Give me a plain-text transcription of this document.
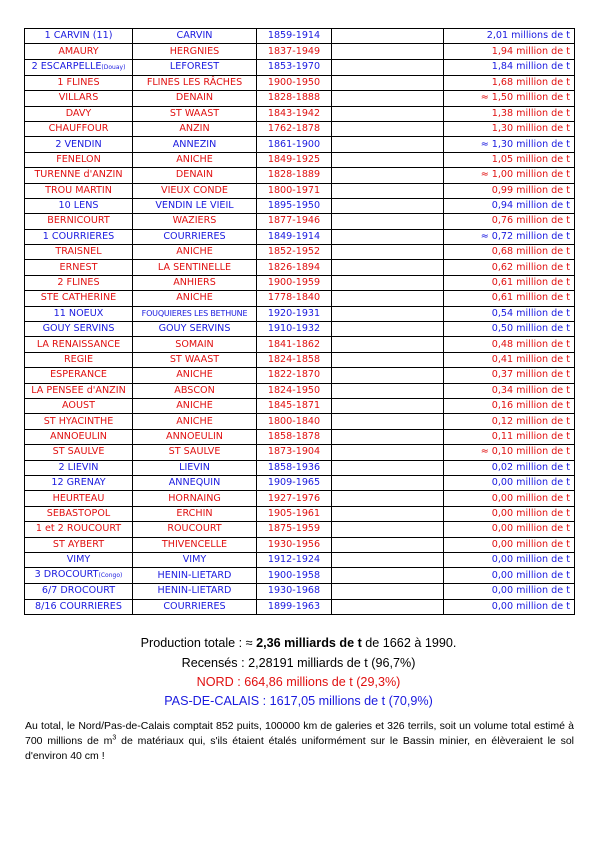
1 CARVIN (11)	CARVIN	1859-1914		2,01 millions de t
AMAURY	HERGNIES	1837-1949		1,94 million de t
2 ESCARPELLE(Douay)	LEFOREST	1853-1970		1,84 million de t
1 FLINES	FLINES LES RÂCHES	1900-1950		1,68 million de t
VILLARS	DENAIN	1828-1888		≈ 1,50 million de t
DAVY	ST WAAST	1843-1942		1,38 million de t
CHAUFFOUR	ANZIN	1762-1878		1,30 million de t
2 VENDIN	ANNEZIN	1861-1900		≈ 1,30 million de t
FENELON	ANICHE	1849-1925		1,05 million de t
TURENNE d'ANZIN	DENAIN	1828-1889		≈ 1,00 million de t
TROU MARTIN	VIEUX CONDE	1800-1971		0,99 million de t
10 LENS	VENDIN LE VIEIL	1895-1950		0,94 million de t
BERNICOURT	WAZIERS	1877-1946		0,76 million de t
1 COURRIERES	COURRIERES	1849-1914		≈ 0,72 million de t
TRAISNEL	ANICHE	1852-1952		0,68 million de t
ERNEST	LA SENTINELLE	1826-1894		0,62 million de t
2 FLINES	ANHIERS	1900-1959		0,61 million de t
STE CATHERINE	ANICHE	1778-1840		0,61 million de t
11 NOEUX	FOUQUIERES LES BETHUNE	1920-1931		0,54 million de t
GOUY SERVINS	GOUY SERVINS	1910-1932		0,50 million de t
LA RENAISSANCE	SOMAIN	1841-1862		0,48 million de t
REGIE	ST WAAST	1824-1858		0,41 million de t
ESPERANCE	ANICHE	1822-1870		0,37 million de t
LA PENSEE d'ANZIN	ABSCON	1824-1950		0,34 million de t
AOUST	ANICHE	1845-1871		0,16 million de t
ST HYACINTHE	ANICHE	1800-1840		0,12 million de t
ANNOEULIN	ANNOEULIN	1858-1878		0,11 million de t
ST SAULVE	ST SAULVE	1873-1904		≈ 0,10 million de t
2 LIEVIN	LIEVIN	1858-1936		0,02 million de t
12 GRENAY	ANNEQUIN	1909-1965		0,00 million de t
HEURTEAU	HORNAING	1927-1976		0,00 million de t
SEBASTOPOL	ERCHIN	1905-1961		0,00 million de t
1 et 2 ROUCOURT	ROUCOURT	1875-1959		0,00 million de t
ST AYBERT	THIVENCELLE	1930-1956		0,00 million de t
VIMY	VIMY	1912-1924		0,00 million de t
3 DROCOURT(Congo)	HENIN-LIETARD	1900-1958		0,00 million de t
6/7 DROCOURT	HENIN-LIETARD	1930-1968		0,00 million de t
8/16 COURRIERES	COURRIERES	1899-1963		0,00 million de t

Production totale : ≈ 2,36 milliards de t de 1662 à 1990.

Recensés : 2,28191 milliards de t (96,7%)

NORD : 664,86 millions de t (29,3%)

PAS-DE-CALAIS : 1617,05 millions de t (70,9%)

Au total, le Nord/Pas-de-Calais comptait 852 puits, 100000 km de galeries et 326 terrils, soit un volume total estimé à 700 millions de $m^3$ de matériaux qui, s'ils étaient étalés uniformément sur le Bassin minier, en élèveraient le sol d'environ 40 cm !
